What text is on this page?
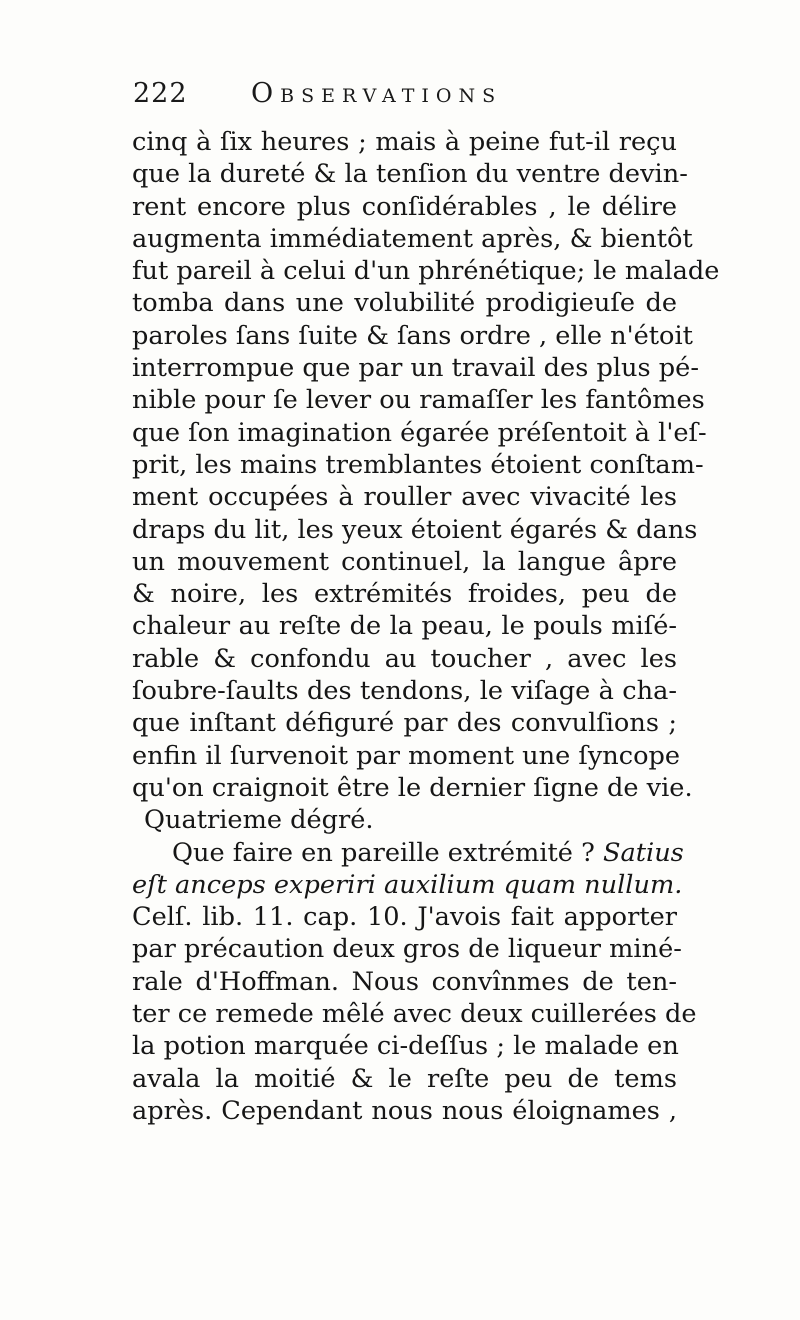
222 Observations
cinq à ſix heures ; mais à peine fut-il reçu
que la dureté & la tenſion du ventre devin-
rent encore plus conſidérables , le délire
augmenta immédiatement après, & bientôt
fut pareil à celui d'un phrénétique; le malade
tomba dans une volubilité prodigieuſe de
paroles ſans ſuite & ſans ordre , elle n'étoit
interrompue que par un travail des plus pé-
nible pour ſe lever ou ramaſſer les fantômes
que ſon imagination égarée préſentoit à l'eſ-
prit, les mains tremblantes étoient conſtam-
ment occupées à rouller avec vivacité les
draps du lit, les yeux étoient égarés & dans
un mouvement continuel, la langue âpre
& noire, les extrémités froides, peu de
chaleur au reſte de la peau, le pouls miſé-
rable & confondu au toucher , avec les
ſoubre-ſaults des tendons, le viſage à cha-
que inſtant défiguré par des convulſions ;
enfin il ſurvenoit par moment une ſyncope
qu'on craignoit être le dernier ſigne de vie.
Quatrieme dégré.
Que faire en pareille extrémité ? Satius
eſt anceps experiri auxilium quam nullum.
Celſ. lib. 11. cap. 10. J'avois fait apporter
par précaution deux gros de liqueur miné-
rale d'Hoffman. Nous convînmes de ten-
ter ce remede mêlé avec deux cuillerées de
la potion marquée ci-deſſus ; le malade en
avala la moitié & le reſte peu de tems
après. Cependant nous nous éloignames ,
